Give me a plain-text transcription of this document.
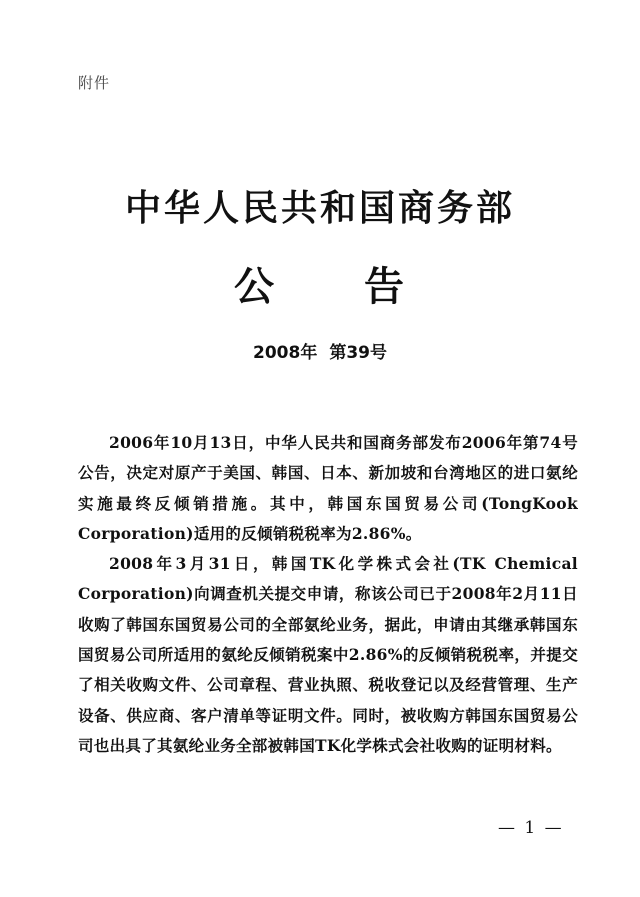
附件
中华人民共和国商务部
公 告
2008年 第39号

2006年10月13日，中华人民共和国商务部发布2006年第74号公告，决定对原产于美国、韩国、日本、新加坡和台湾地区的进口氨纶实施最终反倾销措施。其中，韩国东国贸易公司(TongKook Corporation)适用的反倾销税税率为2.86%。

2008年3月31日，韩国TK化学株式会社(TK Chemical Corporation)向调查机关提交申请，称该公司已于2008年2月11日收购了韩国东国贸易公司的全部氨纶业务，据此，申请由其继承韩国东国贸易公司所适用的氨纶反倾销税案中2.86%的反倾销税税率，并提交了相关收购文件、公司章程、营业执照、税收登记以及经营管理、生产设备、供应商、客户清单等证明文件。同时，被收购方韩国东国贸易公司也出具了其氨纶业务全部被韩国TK化学株式会社收购的证明材料。

— 1 —
